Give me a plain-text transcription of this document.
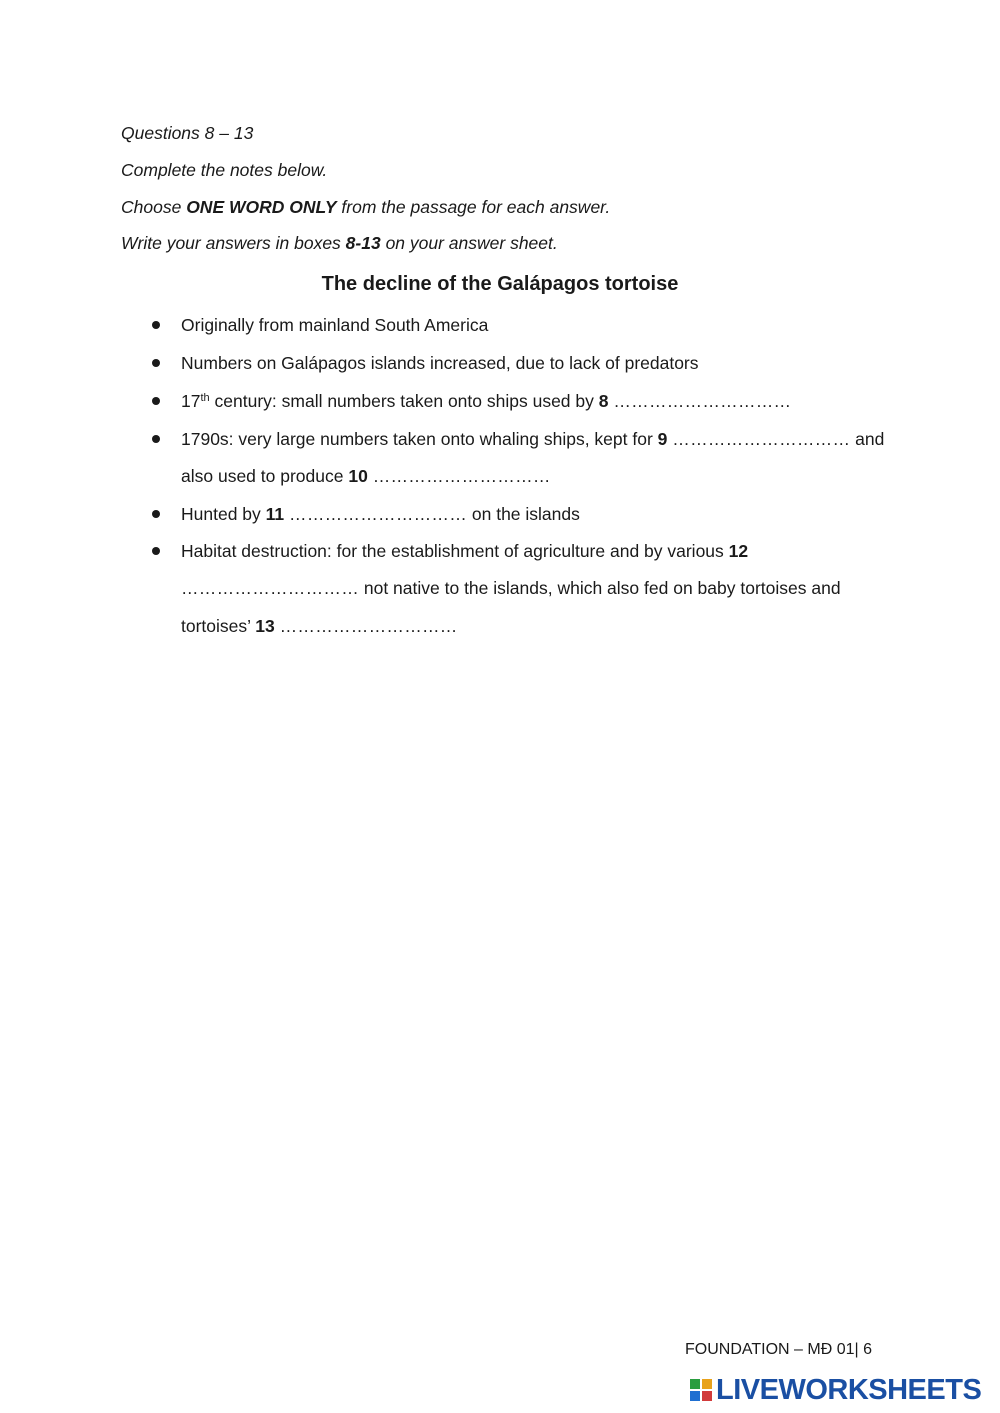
Questions 8 – 13

Complete the notes below.

Choose ONE WORD ONLY from the passage for each answer.

Write your answers in boxes 8-13 on your answer sheet.

The decline of the Galápagos tortoise

Originally from mainland South America

Numbers on Galápagos islands increased, due to lack of predators

17th century: small numbers taken onto ships used by 8 …………………………

1790s: very large numbers taken onto whaling ships, kept for 9 ………………………… and

also used to produce 10 …………………………

Hunted by 11 ………………………… on the islands

Habitat destruction: for the establishment of agriculture and by various 12

………………………… not native to the islands, which also fed on baby tortoises and

tortoises’ 13 …………………………

FOUNDATION – MĐ 01| 6

LIVEWORKSHEETS
